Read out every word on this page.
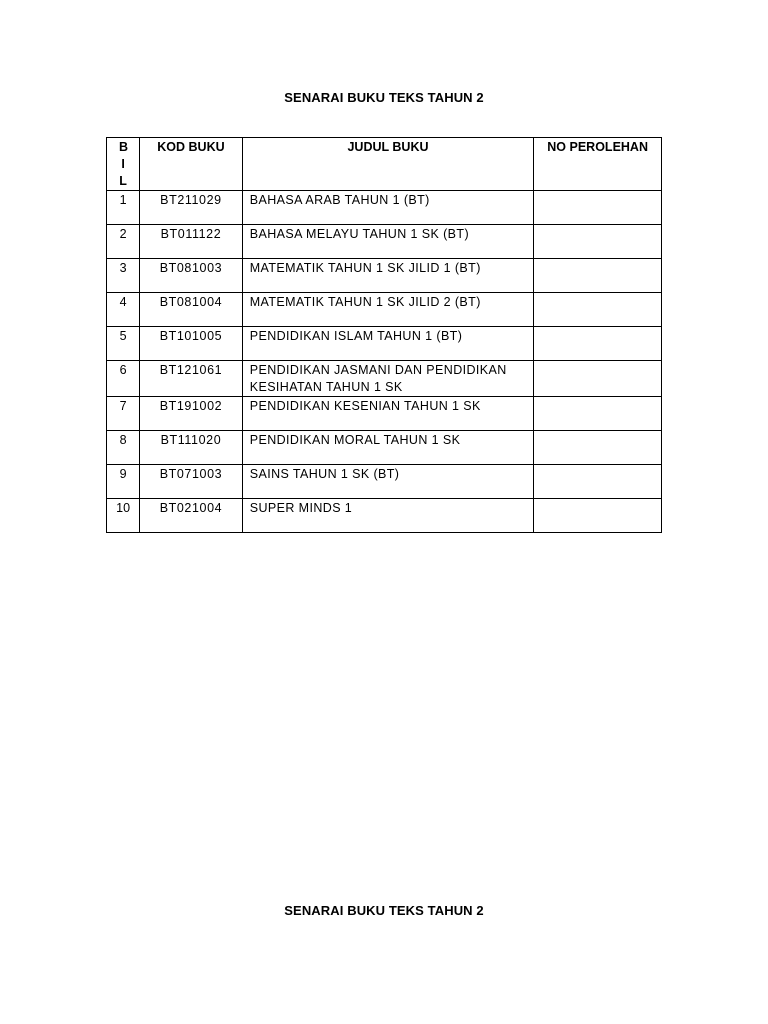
SENARAI BUKU TEKS TAHUN 2
BIL	KOD BUKU	JUDUL BUKU	NO PEROLEHAN
1	BT211029	BAHASA ARAB TAHUN 1 (BT)	
2	BT011122	BAHASA MELAYU TAHUN 1 SK (BT)	
3	BT081003	MATEMATIK TAHUN 1 SK JILID 1 (BT)	
4	BT081004	MATEMATIK TAHUN 1 SK JILID 2 (BT)	
5	BT101005	PENDIDIKAN ISLAM TAHUN 1 (BT)	
6	BT121061	PENDIDIKAN JASMANI DAN PENDIDIKAN KESIHATAN TAHUN 1 SK	
7	BT191002	PENDIDIKAN KESENIAN TAHUN 1 SK	
8	BT111020	PENDIDIKAN MORAL TAHUN 1 SK	
9	BT071003	SAINS TAHUN 1 SK (BT)	
10	BT021004	SUPER MINDS 1	
SENARAI BUKU TEKS TAHUN 2
